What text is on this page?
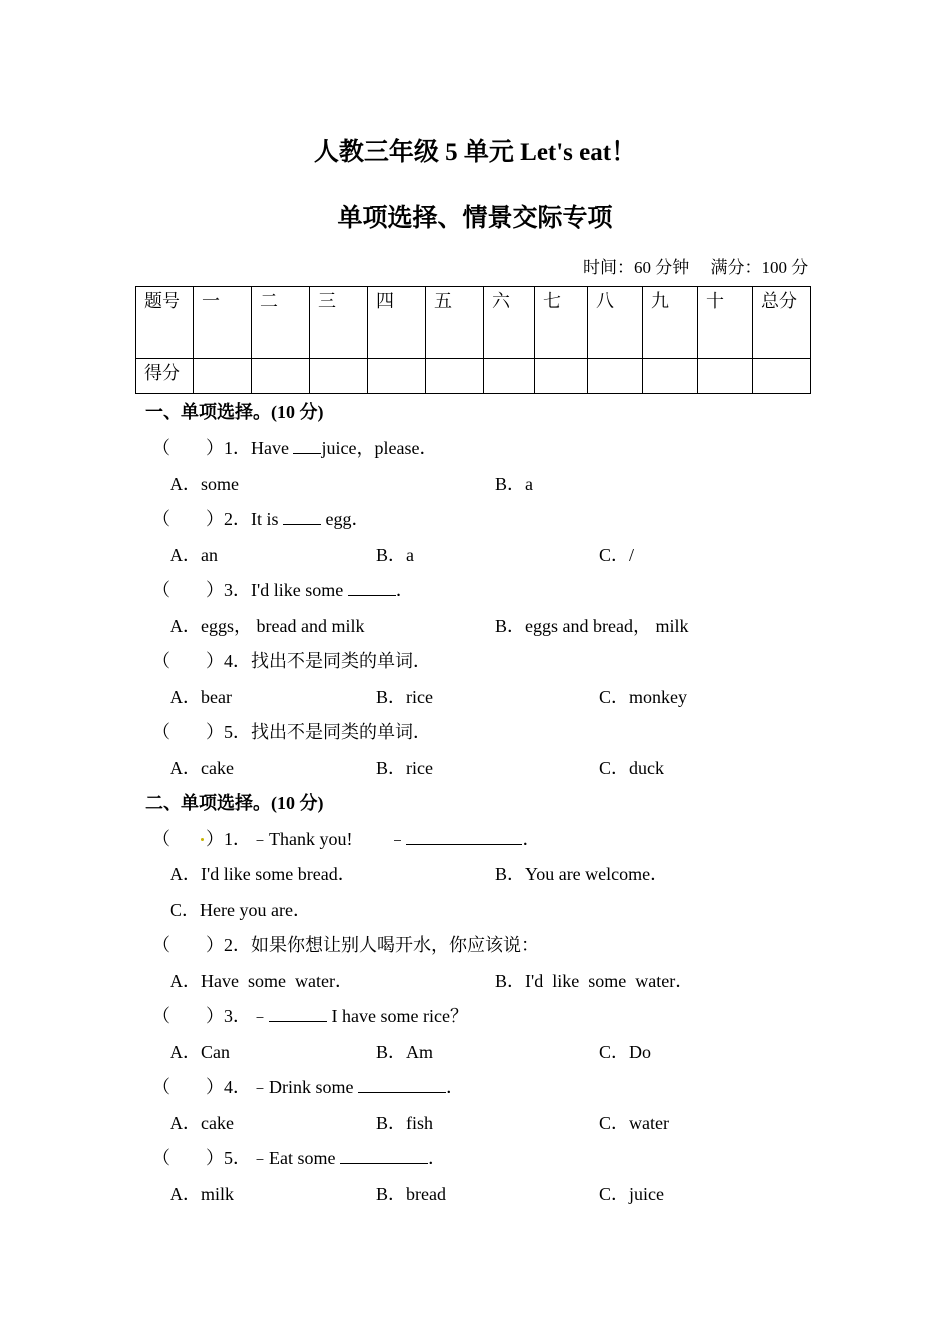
人教三年级 5 单元 Let's eat！
单项选择、情景交际专项
时间：60 分钟　 满分：100 分
题号	一	二	三	四	五	六	七	八	九	十	总分
得分											
一、单项选择。(10 分)
（ ）1．Have juice，please．
A．some	B．a
（ ）2．It is  egg．
A．an	B．a	C．/
（ ）3．I'd like some	．
A．eggs， bread and milk	B．eggs and bread， milk
（ ）4．找出不是同类的单词．
A．bear	B．rice	C．monkey
（ ）5．找出不是同类的单词．
A．cake	B．rice	C．duck
二、单项选择。(10 分)
（ ）1．﹣Thank you!　　﹣	．
A．I'd like some bread．	B．You are welcome．
C．Here you are．
（ ）2．如果你想让别人喝开水，你应该说：
A．Have  some  water．	B．I'd  like  some  water．
（ ）3．﹣	I have some rice？
A．Can	B．Am	C．Do
（ ）4．﹣Drink some	．
A．cake	B．fish	C．water
（ ）5．﹣Eat some	．
A．milk	B．bread	C．juice
